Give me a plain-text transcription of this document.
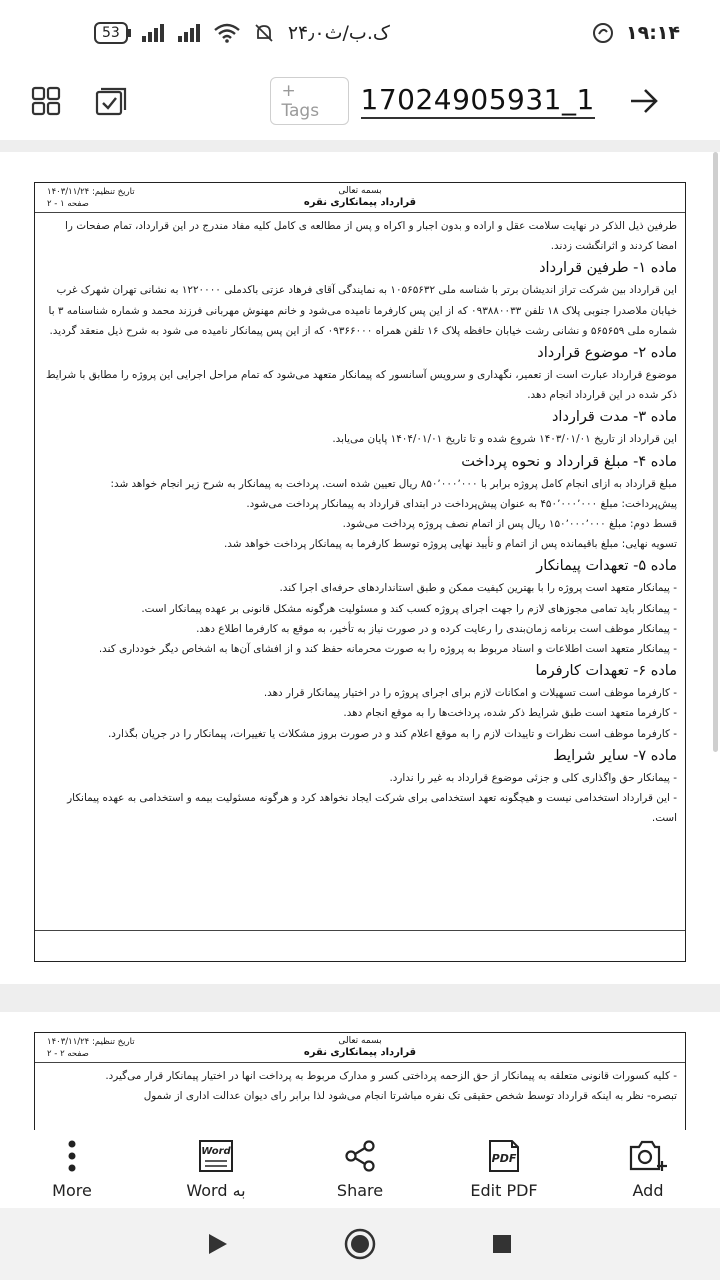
53	۲۴٫۰ک.ب/ث	۱۹:۱۴
+ Tags	17024905931_1
تاریخ تنظیم: ۱۴۰۳/۱۱/۲۴
صفحه ۱ - ۲
بسمه تعالی
قرارداد پیمانکاری نقره

طرفین ذیل الذکر در نهایت سلامت عقل و اراده و بدون اجبار و اکراه و پس از مطالعه ی کامل کلیه مفاد مندرج در این قرارداد، تمام صفحات را امضا کردند و اثرانگشت زدند.

ماده ۱- طرفین قرارداد

این قرارداد بین شرکت تراز اندیشان برتر با شناسه ملی ۱۰۵۶۵۶۳۲ به نمایندگی آقای فرهاد عزتی باکدملی ۱۲۲۰۰۰۰ به نشانی تهران شهرک غرب خیابان ملاصدرا جنوبی پلاک ۱۸ تلفن ۰۹۳۸۸۰۰۳۳ که از این پس کارفرما نامیده می‌شود و خانم مهنوش مهربانی فرزند محمد و شماره شناسنامه ۳ با شماره ملی ۵۶۵۶۵۹ و نشانی رشت خیابان حافظه پلاک ۱۶ تلفن همراه ۰۹۳۶۶۰۰۰ که از این پس پیمانکار نامیده می شود به شرح ذیل منعقد گردید.

ماده ۲- موضوع قرارداد

موضوع قرارداد عبارت است از تعمیر، نگهداری و سرویس آسانسور که پیمانکار متعهد می‌شود که تمام مراحل اجرایی این پروژه را مطابق با شرایط ذکر شده در این قرارداد انجام دهد.

ماده ۳- مدت قرارداد

این قرارداد از تاریخ ۱۴۰۳/۰۱/۰۱ شروع شده و تا تاریخ ۱۴۰۴/۰۱/۰۱ پایان می‌یابد.

ماده ۴- مبلغ قرارداد و نحوه پرداخت

مبلغ قرارداد به ازای انجام کامل پروژه برابر با ۸۵۰٬۰۰۰٬۰۰۰ ریال تعیین شده است. پرداخت به پیمانکار به شرح زیر انجام خواهد شد:

پیش‌پرداخت: مبلغ ۴۵۰٬۰۰۰٬۰۰۰ به عنوان پیش‌پرداخت در ابتدای قرارداد به پیمانکار پرداخت می‌شود.

قسط دوم: مبلغ ۱۵۰٬۰۰۰٬۰۰۰ ریال پس از اتمام نصف پروژه پرداخت می‌شود.

تسویه نهایی: مبلغ باقیمانده پس از اتمام و تأیید نهایی پروژه توسط کارفرما به پیمانکار پرداخت خواهد شد.

ماده ۵- تعهدات پیمانکار

- پیمانکار متعهد است پروژه را با بهترین کیفیت ممکن و طبق استانداردهای حرفه‌ای اجرا کند.

- پیمانکار باید تمامی مجوزهای لازم را جهت اجرای پروژه کسب کند و مسئولیت هرگونه مشکل قانونی بر عهده پیمانکار است.

- پیمانکار موظف است برنامه زمان‌بندی را رعایت کرده و در صورت نیاز به تأخیر، به موقع به کارفرما اطلاع دهد.

- پیمانکار متعهد است اطلاعات و اسناد مربوط به پروژه را به صورت محرمانه حفظ کند و از افشای آن‌ها به اشخاص دیگر خودداری کند.

ماده ۶- تعهدات کارفرما

- کارفرما موظف است تسهیلات و امکانات لازم برای اجرای پروژه را در اختیار پیمانکار قرار دهد.

- کارفرما متعهد است طبق شرایط ذکر شده، پرداخت‌ها را به موقع انجام دهد.

- کارفرما موظف است نظرات و تاییدات لازم را به موقع اعلام کند و در صورت بروز مشکلات یا تغییرات، پیمانکار را در جریان بگذارد.

ماده ۷- سایر شرایط

- پیمانکار حق واگذاری کلی و جزئی موضوع قرارداد به غیر را ندارد.

- این قرارداد استخدامی نیست و هیچگونه تعهد استخدامی برای شرکت ایجاد نخواهد کرد و هرگونه مسئولیت بیمه و استخدامی به عهده پیمانکار است.

تاریخ تنظیم: ۱۴۰۳/۱۱/۲۴
صفحه ۲ - ۲
بسمه تعالی
قرارداد پیمانکاری نقره

- کلیه کسورات قانونی متعلقه به پیمانکار از حق الزحمه پرداختی کسر و مدارک مربوط به پرداخت انها در اختیار پیمانکار قرار می‌گیرد.

تبصره- نظر به اینکه قرارداد توسط شخص حقیقی تک نفره مباشرتا انجام می‌شود لذا برابر رای دیوان عدالت اداری از شمول

More
Word
Word به	Share
PDF
Edit PDF	Add
